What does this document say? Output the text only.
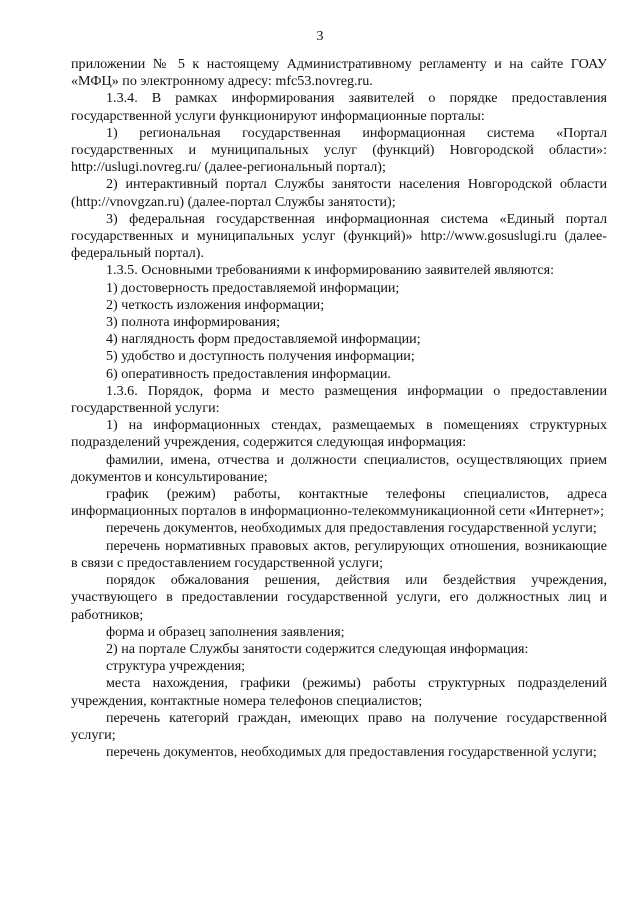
3

приложении № 5 к настоящему Административному регламенту и на сайте ГОАУ «МФЦ» по электронному адресу: mfc53.novreg.ru.

1.3.4. В рамках информирования заявителей о порядке предоставления государственной услуги функционируют информационные порталы:

1) региональная государственная информационная система «Портал государственных и муниципальных услуг (функций) Новгородской области»: http://uslugi.novreg.ru/ (далее-региональный портал);

2) интерактивный портал Службы занятости населения Новгородской области (http://vnovgzan.ru) (далее-портал Службы занятости);

3) федеральная государственная информационная система «Единый портал государственных и муниципальных услуг (функций)» http://www.gosuslugi.ru (далее-федеральный портал).

1.3.5. Основными требованиями к информированию заявителей являются:

1) достоверность предоставляемой информации;

2) четкость изложения информации;

3) полнота информирования;

4) наглядность форм предоставляемой информации;

5) удобство и доступность получения информации;

6) оперативность предоставления информации.

1.3.6. Порядок, форма и место размещения информации о предоставлении государственной услуги:

1) на информационных стендах, размещаемых в помещениях структурных подразделений учреждения, содержится следующая информация:

фамилии, имена, отчества и должности специалистов, осуществляющих прием документов и консультирование;

график (режим) работы, контактные телефоны специалистов, адреса информационных порталов в информационно-телекоммуникационной сети «Интернет»;

перечень документов, необходимых для предоставления государственной услуги;

перечень нормативных правовых актов, регулирующих отношения, возникающие в связи с предоставлением государственной услуги;

порядок обжалования решения, действия или бездействия учреждения, участвующего в предоставлении государственной услуги, его должностных лиц и работников;

форма и образец заполнения заявления;

2) на портале Службы занятости содержится следующая информация:

структура учреждения;

места нахождения, графики (режимы) работы структурных подразделений учреждения, контактные номера телефонов специалистов;

перечень категорий граждан, имеющих право на получение государственной услуги;

перечень документов, необходимых для предоставления государственной услуги;
